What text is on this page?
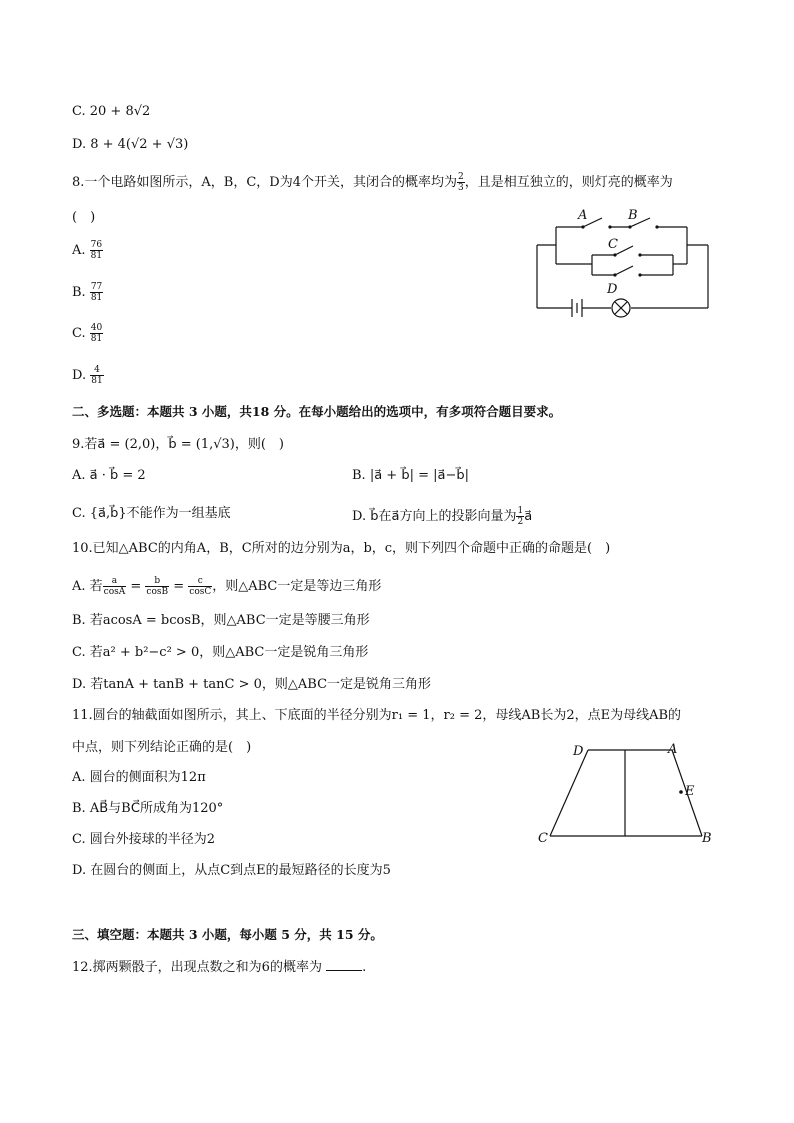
C. 20 + 8√2
D. 8 + 4(√2 + √3)
8.一个电路如图所示，A，B，C，D为4个开关，其闭合的概率均为 $\frac{2}{3}$ ，且是相互独立的，则灯亮的概率为
(　)
A. $\frac{76}{81}$
B. $\frac{77}{81}$
C. $\frac{40}{81}$
D. $\frac{4}{81}$
A	B
C
D
二、多选题：本题共 3 小题，共18 分。在每小题给出的选项中，有多项符合题目要求。
9.若a⃗ = (2,0)，b⃗ = (1,√3)，则(　)
A. a⃗ · b⃗ = 2	B. |a⃗ + b⃗| = |a⃗−b⃗|
C. {a⃗,b⃗}不能作为一组基底	D. b⃗在a⃗方向上的投影向量为 $\frac{1}{2}$ a⃗
10.已知△ABC的内角A，B，C所对的边分别为a，b，c，则下列四个命题中正确的命题是(　)
A. 若 $\frac{a}{\cos A} = \frac{b}{\cos B} = \frac{c}{\cos C}$ ，则△ABC一定是等边三角形
B. 若acosA = bcosB，则△ABC一定是等腰三角形
C. 若a² + b²−c² > 0，则△ABC一定是锐角三角形
D. 若tanA + tanB + tanC > 0，则△ABC一定是锐角三角形
11.圆台的轴截面如图所示，其上、下底面的半径分别为r₁ = 1，r₂ = 2，母线AB长为2，点E为母线AB的
中点，则下列结论正确的是(　)
A. 圆台的侧面积为12π
B. AB⃗与BC⃗所成角为120°
C. 圆台外接球的半径为2
D. 在圆台的侧面上，从点C到点E的最短路径的长度为5
D	A
E
C	B
三、填空题：本题共 3 小题，每小题 5 分，共 15 分。
12.掷两颗骰子，出现点数之和为6的概率为	.
